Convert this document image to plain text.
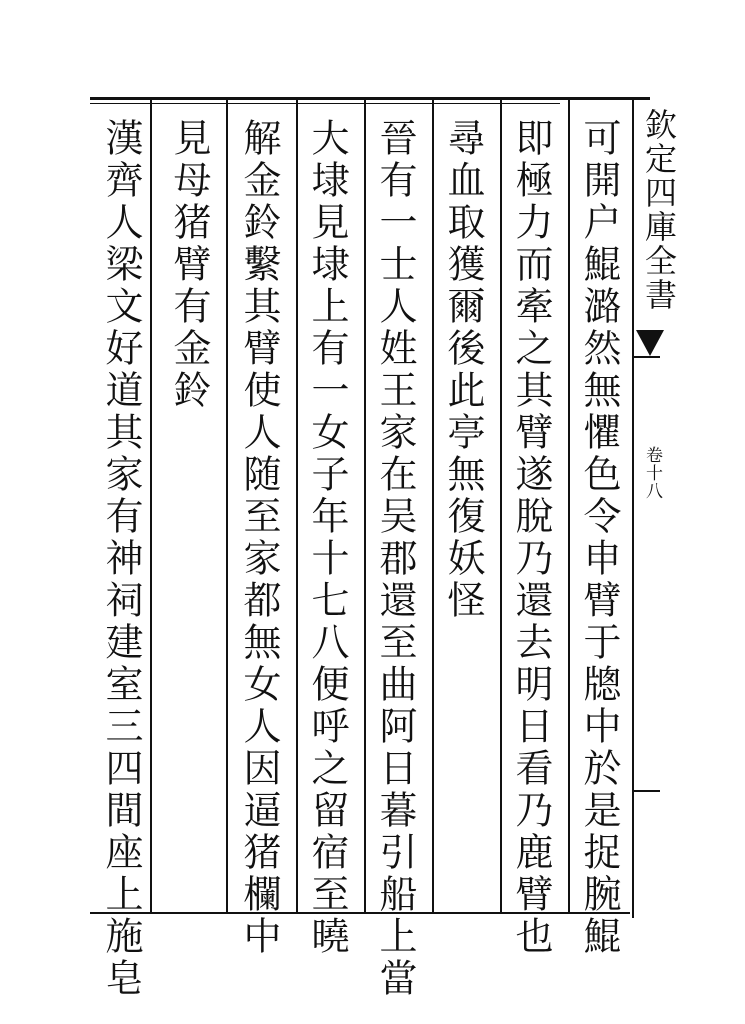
欽定四庫全書
卷十八
可開户鯤潞然無懼色令申臂于牕中於是捉腕鯤
即極力而牽之其臂遂脫乃還去明日看乃鹿臂也
尋血取獲爾後此亭無復妖怪
晉有一士人姓王家在吴郡還至曲阿日暮引船上當
大埭見埭上有一女子年十七八便呼之留宿至曉
解金鈴繫其臂使人随至家都無女人因逼猪欄中
見母猪臂有金鈴
漢齊人梁文好道其家有神祠建室三四間座上施皂
